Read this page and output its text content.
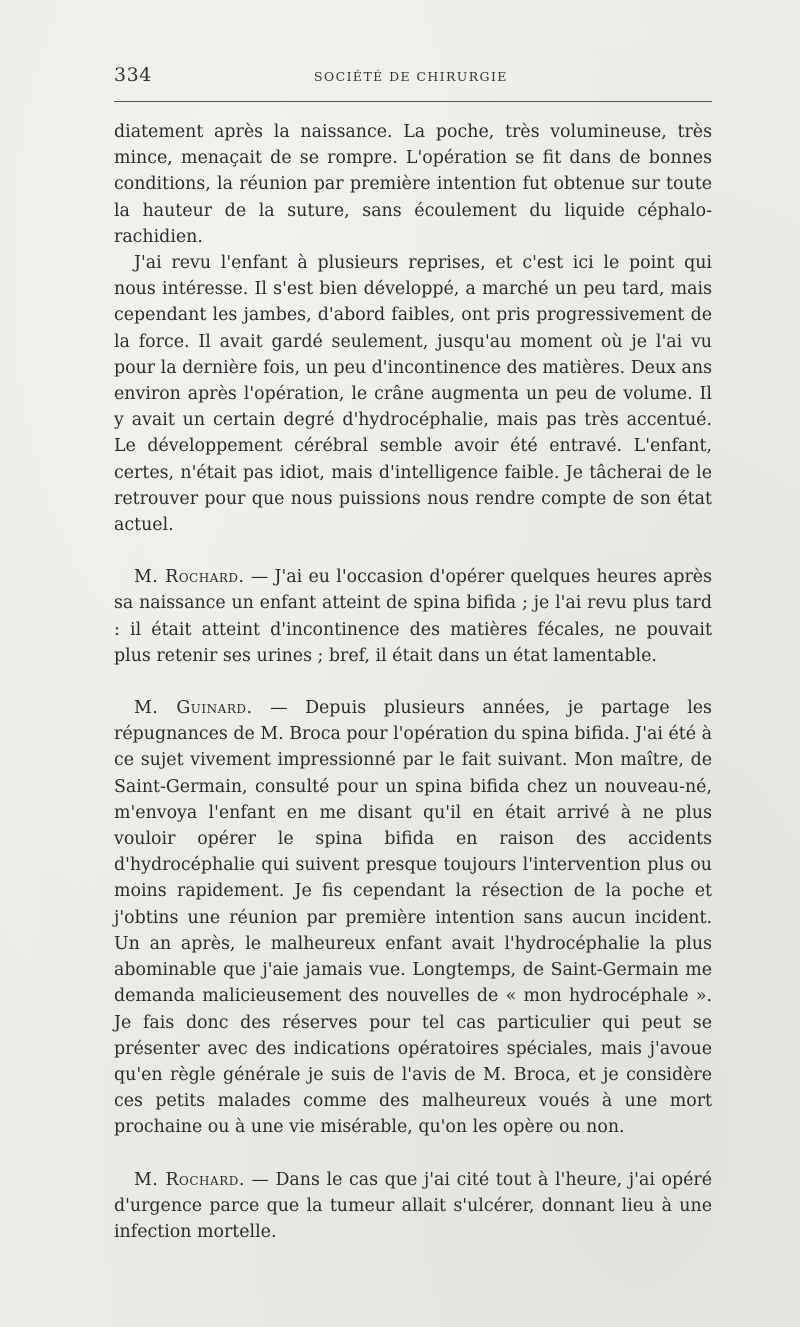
334	SOCIÉTÉ DE CHIRURGIE

diatement après la naissance. La poche, très volumineuse, très mince, menaçait de se rompre. L'opération se fit dans de bonnes conditions, la réunion par première intention fut obtenue sur toute la hauteur de la suture, sans écoulement du liquide céphalo-rachidien.

J'ai revu l'enfant à plusieurs reprises, et c'est ici le point qui nous intéresse. Il s'est bien développé, a marché un peu tard, mais cependant les jambes, d'abord faibles, ont pris progressivement de la force. Il avait gardé seulement, jusqu'au moment où je l'ai vu pour la dernière fois, un peu d'incontinence des matières. Deux ans environ après l'opération, le crâne augmenta un peu de volume. Il y avait un certain degré d'hydrocéphalie, mais pas très accentué. Le développement cérébral semble avoir été entravé. L'enfant, certes, n'était pas idiot, mais d'intelligence faible. Je tâcherai de le retrouver pour que nous puissions nous rendre compte de son état actuel.

M. Rochard. — J'ai eu l'occasion d'opérer quelques heures après sa naissance un enfant atteint de spina bifida ; je l'ai revu plus tard : il était atteint d'incontinence des matières fécales, ne pouvait plus retenir ses urines ; bref, il était dans un état lamentable.

M. Guinard. — Depuis plusieurs années, je partage les répugnances de M. Broca pour l'opération du spina bifida. J'ai été à ce sujet vivement impressionné par le fait suivant. Mon maître, de Saint-Germain, consulté pour un spina bifida chez un nouveau-né, m'envoya l'enfant en me disant qu'il en était arrivé à ne plus vouloir opérer le spina bifida en raison des accidents d'hydrocéphalie qui suivent presque toujours l'intervention plus ou moins rapidement. Je fis cependant la résection de la poche et j'obtins une réunion par première intention sans aucun incident. Un an après, le malheureux enfant avait l'hydrocéphalie la plus abominable que j'aie jamais vue. Longtemps, de Saint-Germain me demanda malicieusement des nouvelles de « mon hydrocéphale ». Je fais donc des réserves pour tel cas particulier qui peut se présenter avec des indications opératoires spéciales, mais j'avoue qu'en règle générale je suis de l'avis de M. Broca, et je considère ces petits malades comme des malheureux voués à une mort prochaine ou à une vie misérable, qu'on les opère ou non.

M. Rochard. — Dans le cas que j'ai cité tout à l'heure, j'ai opéré d'urgence parce que la tumeur allait s'ulcérer, donnant lieu à une infection mortelle.
